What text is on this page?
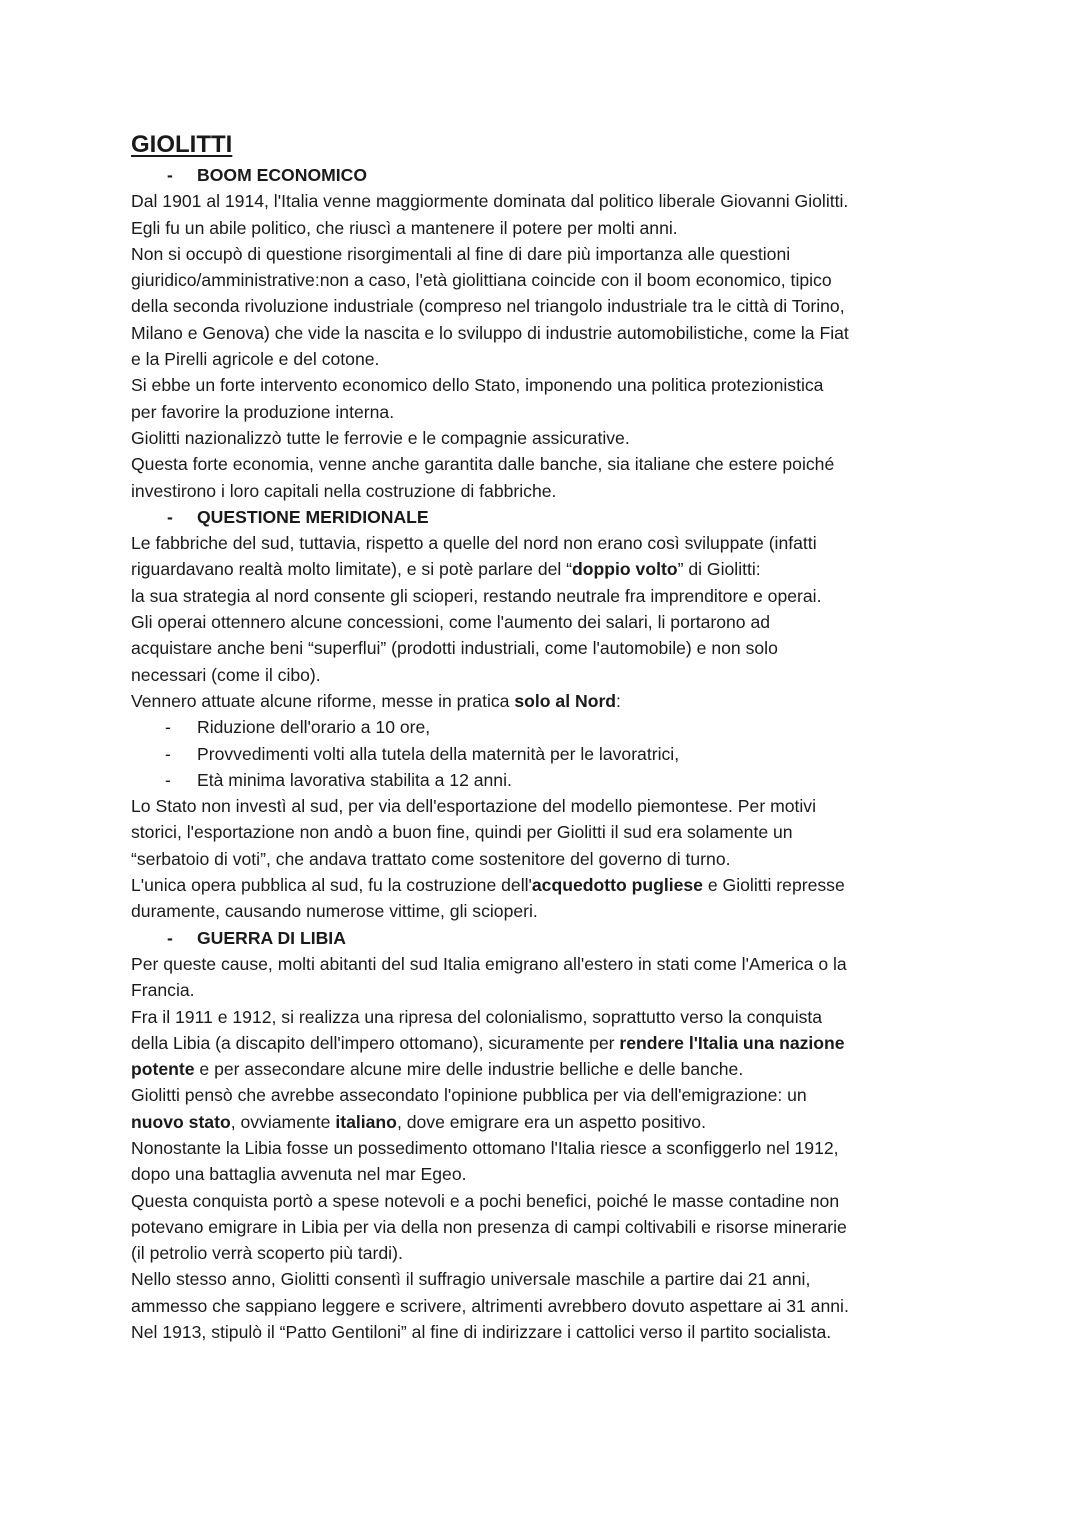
GIOLITTI
- BOOM ECONOMICO

Dal 1901 al 1914, l'Italia venne maggiormente dominata dal politico liberale Giovanni Giolitti.

Egli fu un abile politico, che riuscì a mantenere il potere per molti anni.

Non si occupò di questione risorgimentali al fine di dare più importanza alle questioni

giuridico/amministrative:non a caso, l'età giolittiana coincide con il boom economico, tipico

della seconda rivoluzione industriale (compreso nel triangolo industriale tra le città di Torino,

Milano e Genova) che vide la nascita e lo sviluppo di industrie automobilistiche, come la Fiat

e la Pirelli agricole e del cotone.

Si ebbe un forte intervento economico dello Stato, imponendo una politica protezionistica

per favorire la produzione interna.

Giolitti nazionalizzò tutte le ferrovie e le compagnie assicurative.

Questa forte economia, venne anche garantita dalle banche, sia italiane che estere poiché

investirono i loro capitali nella costruzione di fabbriche.

- QUESTIONE MERIDIONALE

Le fabbriche del sud, tuttavia, rispetto a quelle del nord non erano così sviluppate (infatti

riguardavano realtà molto limitate), e si potè parlare del “doppio volto” di Giolitti:

la sua strategia al nord consente gli scioperi, restando neutrale fra imprenditore e operai.

Gli operai ottennero alcune concessioni, come l'aumento dei salari, li portarono ad

acquistare anche beni “superflui” (prodotti industriali, come l'automobile) e non solo

necessari (come il cibo).

Vennero attuate alcune riforme, messe in pratica solo al Nord:

- Riduzione dell'orario a 10 ore,
- Provvedimenti volti alla tutela della maternità per le lavoratrici,
- Età minima lavorativa stabilita a 12 anni.

Lo Stato non investì al sud, per via dell'esportazione del modello piemontese. Per motivi

storici, l'esportazione non andò a buon fine, quindi per Giolitti il sud era solamente un

“serbatoio di voti”, che andava trattato come sostenitore del governo di turno.

L'unica opera pubblica al sud, fu la costruzione dell'acquedotto pugliese e Giolitti represse

duramente, causando numerose vittime, gli scioperi.

- GUERRA DI LIBIA

Per queste cause, molti abitanti del sud Italia emigrano all'estero in stati come l'America o la

Francia.

Fra il 1911 e 1912, si realizza una ripresa del colonialismo, soprattutto verso la conquista

della Libia (a discapito dell'impero ottomano), sicuramente per rendere l'Italia una nazione

potente e per assecondare alcune mire delle industrie belliche e delle banche.

Giolitti pensò che avrebbe assecondato l'opinione pubblica per via dell'emigrazione: un

nuovo stato, ovviamente italiano, dove emigrare era un aspetto positivo.

Nonostante la Libia fosse un possedimento ottomano l'Italia riesce a sconfiggerlo nel 1912,

dopo una battaglia avvenuta nel mar Egeo.

Questa conquista portò a spese notevoli e a pochi benefici, poiché le masse contadine non

potevano emigrare in Libia per via della non presenza di campi coltivabili e risorse minerarie

(il petrolio verrà scoperto più tardi).

Nello stesso anno, Giolitti consentì il suffragio universale maschile a partire dai 21 anni,

ammesso che sappiano leggere e scrivere, altrimenti avrebbero dovuto aspettare ai 31 anni.

Nel 1913, stipulò il “Patto Gentiloni” al fine di indirizzare i cattolici verso il partito socialista.
